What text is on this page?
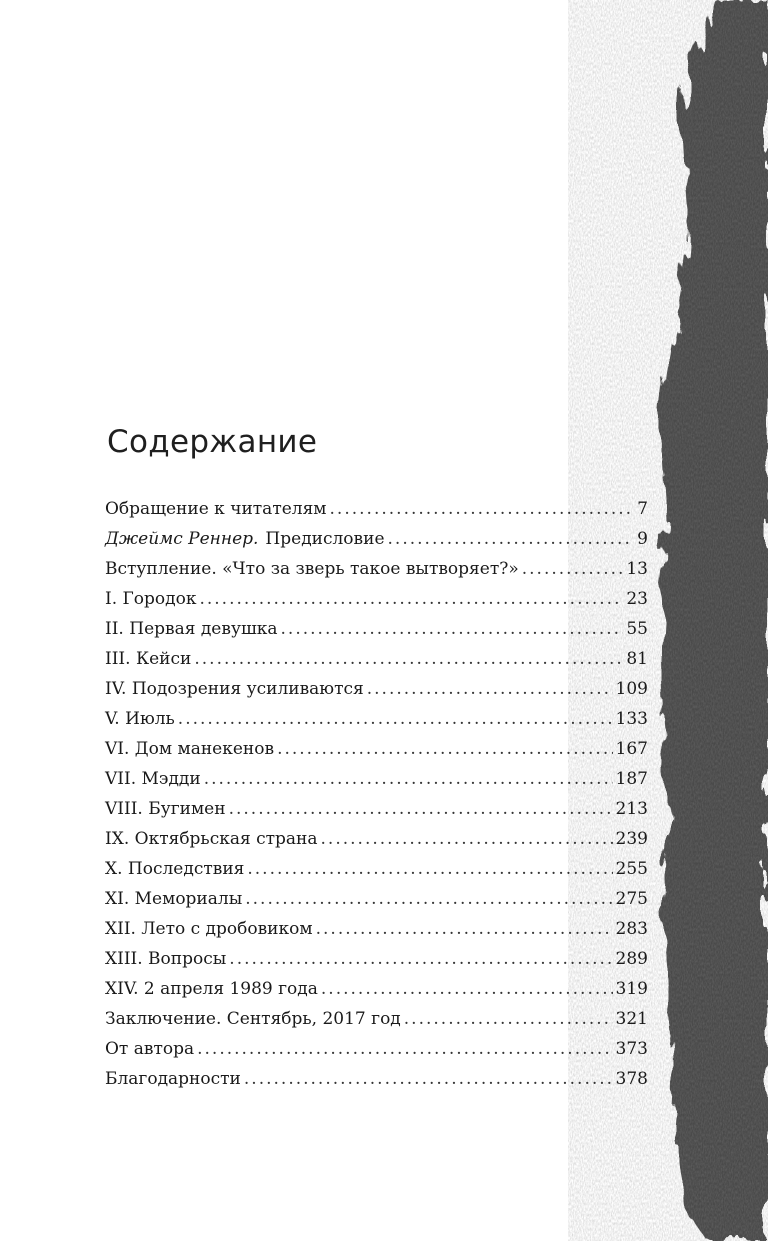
Содержание
Обращение к читателям .....	7
Джеймс Реннер. Предисловие .....	9
Вступление. «Что за зверь такое вытворяет?» .....	13
I. Городок .....	23
II. Первая девушка .....	55
III. Кейси .....	81
IV. Подозрения усиливаются .....	109
V. Июль .....	133
VI. Дом манекенов .....	167
VII. Мэдди .....	187
VIII. Бугимен .....	213
IX. Октябрьская страна .....	239
X. Последствия .....	255
XI. Мемориалы .....	275
XII. Лето с дробовиком .....	283
XIII. Вопросы .....	289
XIV. 2 апреля 1989 года .....	319
Заключение. Сентябрь, 2017 год .....	321
От автора .....	373
Благодарности .....	378
